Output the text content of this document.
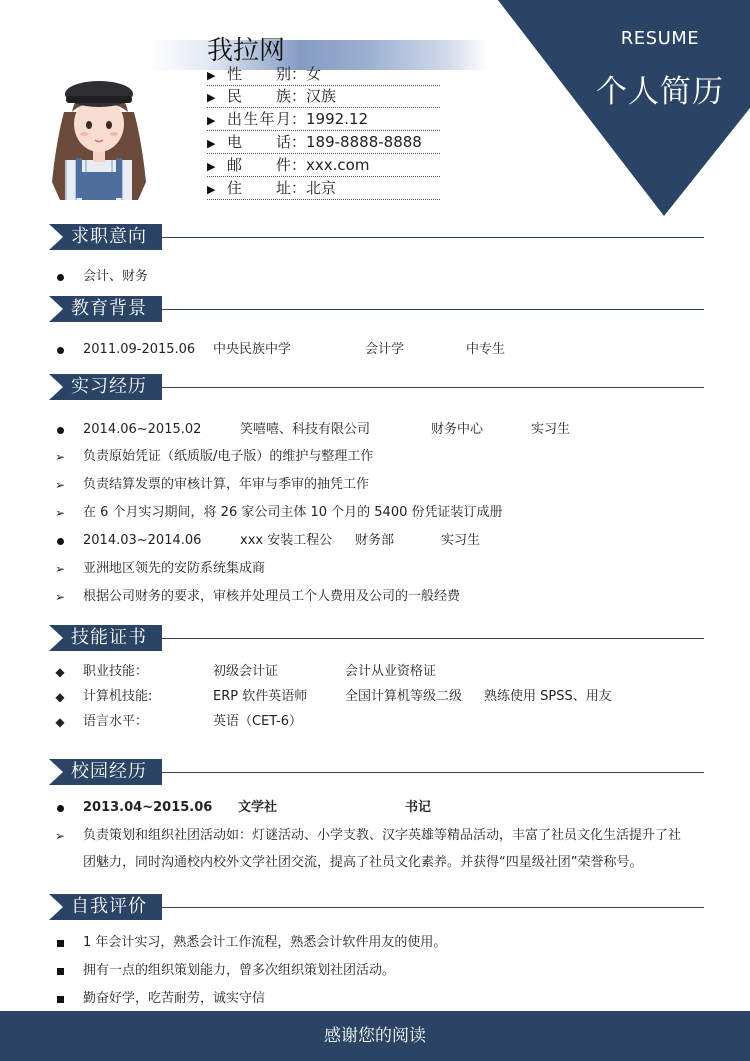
RESUME
个人简历
我拉网
▶ 性别：女
▶ 民族：汉族
▶ 出生年月：1992.12
▶ 电话：189-8888-8888
▶ 邮件：xxx.com
▶ 住址：北京
求职意向
会计、财务
教育背景
2011.09-2015.06 中央民族中学	会计学	中专生
实习经历
2014.06~2015.02	笑嘻嘻、科技有限公司	财务中心	实习生
➢ 负责原始凭证（纸质版/电子版）的维护与整理工作
➢ 负责结算发票的审核计算，年审与季审的抽凭工作
➢ 在 6 个月实习期间，将 26 家公司主体 10 个月的 5400 份凭证装订成册
2014.03~2014.06	xxx 安装工程公 财务部	实习生
➢ 亚洲地区领先的安防系统集成商
➢ 根据公司财务的要求，审核并处理员工个人费用及公司的一般经费
技能证书
◆ 职业技能：	初级会计证	会计从业资格证
◆ 计算机技能:	ERP 软件英语师	全国计算机等级二级 熟练使用 SPSS、用友
◆ 语言水平：	英语（CET-6）
校园经历
2013.04~2015.06 文学社	书记
➢ 负责策划和组织社团活动如：灯谜活动、小学支教、汉字英雄等精品活动，丰富了社员文化生活提升了社
团魅力，同时沟通校内校外文学社团交流，提高了社员文化素养。并获得“四星级社团”荣誉称号。
自我评价
1 年会计实习，熟悉会计工作流程，熟悉会计软件用友的使用。
拥有一点的组织策划能力，曾多次组织策划社团活动。
勤奋好学，吃苦耐劳，诚实守信
感谢您的阅读
